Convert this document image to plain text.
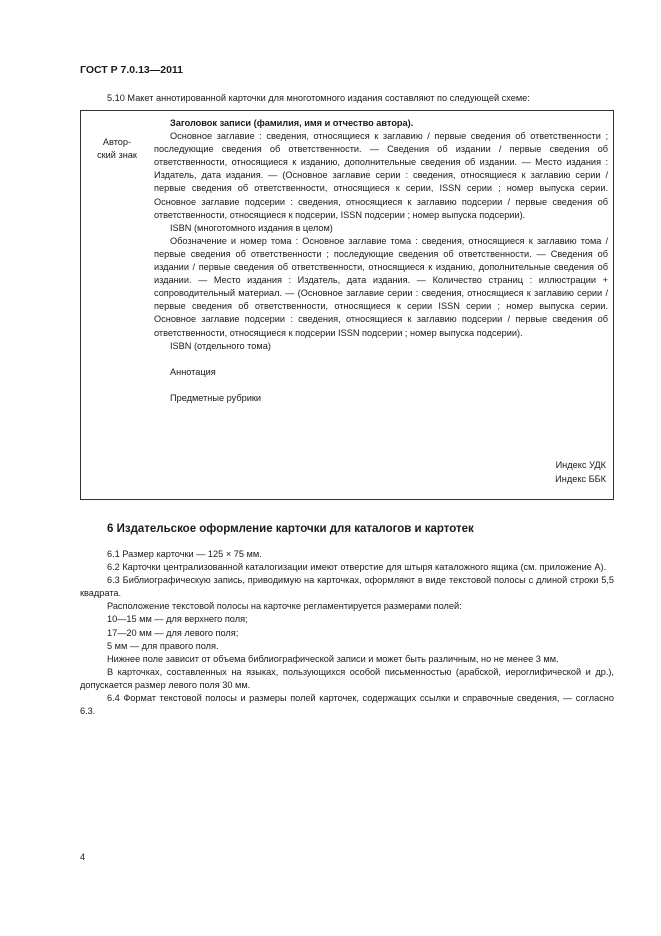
ГОСТ Р 7.0.13—2011
5.10 Макет аннотированной карточки для многотомного издания составляют по следующей схеме:
Автор-
ский знак

Заголовок записи (фамилия, имя и отчество автора).

Основное заглавие : сведения, относящиеся к заглавию / первые сведения об ответственности ; последующие сведения об ответственности. — Сведения об издании / первые сведения об ответственности, относящиеся к изданию, дополнительные сведения об издании. — Место издания : Издатель, дата издания. — (Основное заглавие серии : сведения, относящиеся к заглавию серии / первые сведения об ответственности, относящиеся к серии, ISSN серии ; номер выпуска серии. Основное заглавие подсерии : сведения, относящиеся к заглавию подсерии / первые сведения об ответственности, относящиеся к подсерии, ISSN подсерии ; номер выпуска подсерии).

ISBN (многотомного издания в целом)

Обозначение и номер тома : Основное заглавие тома : сведения, относящиеся к заглавию тома / первые сведения об ответственности ; последующие сведения об ответственности. — Сведения об издании / первые сведения об ответственности, относящиеся к изданию, дополнительные сведения об издании. — Место издания : Издатель, дата издания. — Количество страниц : иллюстрации + сопроводительный материал. — (Основное заглавие серии : сведения, относящиеся к заглавию серии / первые сведения об ответственности, относящиеся к серии ISSN серии ; номер выпуска серии. Основное заглавие подсерии : сведения, относящиеся к заглавию подсерии / первые сведения об ответственности, относящиеся к подсерии ISSN подсерии ; номер выпуска подсерии).

ISBN (отдельного тома)

Аннотация

Предметные рубрики

Индекс УДК
Индекс ББК
6 Издательское оформление карточки для каталогов и картотек

6.1 Размер карточки — 125 × 75 мм.

6.2 Карточки централизованной каталогизации имеют отверстие для штыря каталожного ящика (см. приложение А).

6.3 Библиографическую запись, приводимую на карточках, оформляют в виде текстовой полосы с длиной строки 5,5 квадрата.

Расположение текстовой полосы на карточке регламентируется размерами полей:

10—15 мм — для верхнего поля;

17—20 мм — для левого поля;

5 мм — для правого поля.

Нижнее поле зависит от объема библиографической записи и может быть различным, но не менее 3 мм.

В карточках, составленных на языках, пользующихся особой письменностью (арабской, иероглифической и др.), допускается размер левого поля 30 мм.

6.4 Формат текстовой полосы и размеры полей карточек, содержащих ссылки и справочные сведения, — согласно 6.3.

4
